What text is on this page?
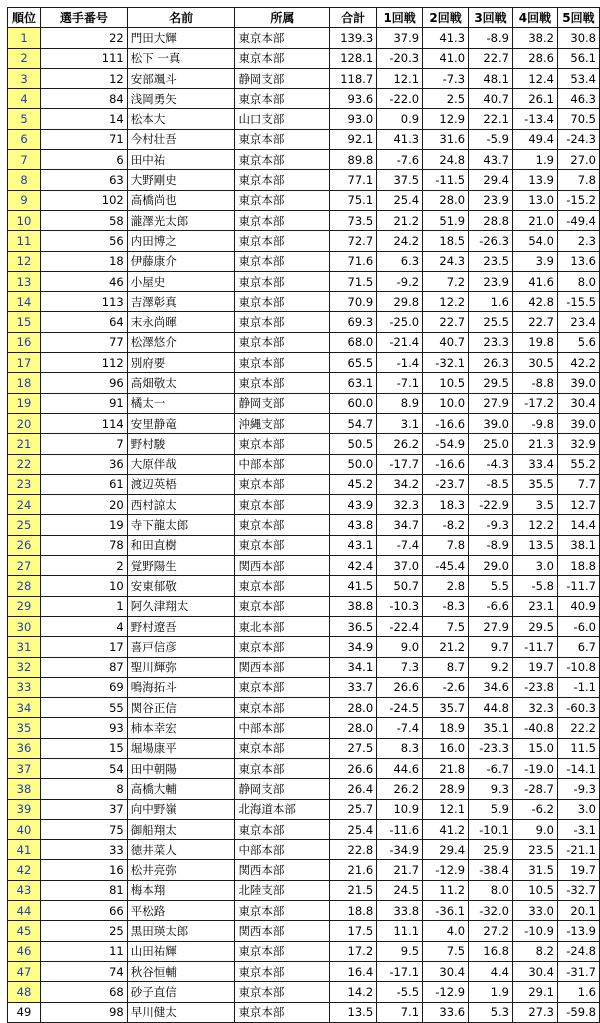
順位	選手番号	名前	所属	合計	1回戦	2回戦	3回戦	4回戦	5回戦
1	22	門田大輝	東京本部	139.3	37.9	41.3	-8.9	38.2	30.8
2	111	松下 一真	東京本部	128.1	-20.3	41.0	22.7	28.6	56.1
3	12	安部颯斗	静岡支部	118.7	12.1	-7.3	48.1	12.4	53.4
4	84	浅岡勇矢	東京本部	93.6	-22.0	2.5	40.7	26.1	46.3
5	14	松本大	山口支部	93.0	0.9	12.9	22.1	-13.4	70.5
6	71	今村壮吾	東京本部	92.1	41.3	31.6	-5.9	49.4	-24.3
7	6	田中祐	東京本部	89.8	-7.6	24.8	43.7	1.9	27.0
8	63	大野剛史	東京本部	77.1	37.5	-11.5	29.4	13.9	7.8
9	102	高橋尚也	東京本部	75.1	25.4	28.0	23.9	13.0	-15.2
10	58	瀧澤光太郎	東京本部	73.5	21.2	51.9	28.8	21.0	-49.4
11	56	内田博之	東京本部	72.7	24.2	18.5	-26.3	54.0	2.3
12	18	伊藤康介	東京本部	71.6	6.3	24.3	23.5	3.9	13.6
13	46	小屋史	東京本部	71.5	-9.2	7.2	23.9	41.6	8.0
14	113	吉澤彰真	東京本部	70.9	29.8	12.2	1.6	42.8	-15.5
15	64	末永尚暉	東京本部	69.3	-25.0	22.7	25.5	22.7	23.4
16	77	松澤悠介	東京本部	68.0	-21.4	40.7	23.3	19.8	5.6
17	112	別府要	東京本部	65.5	-1.4	-32.1	26.3	30.5	42.2
18	96	高畑敬太	東京本部	63.1	-7.1	10.5	29.5	-8.8	39.0
19	91	橘太一	静岡支部	60.0	8.9	10.0	27.9	-17.2	30.4
20	114	安里静竜	沖縄支部	54.7	3.1	-16.6	39.0	-9.8	39.0
21	7	野村駿	東京本部	50.5	26.2	-54.9	25.0	21.3	32.9
22	36	大原伴哉	中部本部	50.0	-17.7	-16.6	-4.3	33.4	55.2
23	61	渡辺英梧	東京本部	45.2	34.2	-23.7	-8.5	35.5	7.7
24	20	西村諒太	東京本部	43.9	32.3	18.3	-22.9	3.5	12.7
25	19	寺下龍太郎	東京本部	43.8	34.7	-8.2	-9.3	12.2	14.4
26	78	和田直樹	東京本部	43.1	-7.4	7.8	-8.9	13.5	38.1
27	2	覚野陽生	関西本部	42.4	37.0	-45.4	29.0	3.0	18.8
28	10	安東郁敬	東京本部	41.5	50.7	2.8	5.5	-5.8	-11.7
29	1	阿久津翔太	東京本部	38.8	-10.3	-8.3	-6.6	23.1	40.9
30	4	野村遼吾	東北本部	36.5	-22.4	7.5	27.9	29.5	-6.0
31	17	喜戸信彦	東京本部	34.9	9.0	21.2	9.7	-11.7	6.7
32	87	聖川輝弥	関西本部	34.1	7.3	8.7	9.2	19.7	-10.8
33	69	鳴海拓斗	東京本部	33.7	26.6	-2.6	34.6	-23.8	-1.1
34	55	関谷正信	東京本部	28.0	-24.5	35.7	44.8	32.3	-60.3
35	93	柿本幸宏	中部本部	28.0	-7.4	18.9	35.1	-40.8	22.2
36	15	堀場康平	東京本部	27.5	8.3	16.0	-23.3	15.0	11.5
37	54	田中朝陽	東京本部	26.6	44.6	21.8	-6.7	-19.0	-14.1
38	8	高橋大輔	静岡支部	26.4	26.2	28.9	9.3	-28.7	-9.3
39	37	向中野嶺	北海道本部	25.7	10.9	12.1	5.9	-6.2	3.0
40	75	御船翔太	東京本部	25.4	-11.6	41.2	-10.1	9.0	-3.1
41	33	徳井菜人	中部本部	22.8	-34.9	29.4	25.9	23.5	-21.1
42	16	松井亮弥	関西本部	21.6	21.7	-12.9	-38.4	31.5	19.7
43	81	梅本翔	北陸支部	21.5	24.5	11.2	8.0	10.5	-32.7
44	66	平松路	東京本部	18.8	33.8	-36.1	-32.0	33.0	20.1
45	25	黒田瑛太郎	関西本部	17.5	11.1	4.0	27.2	-10.9	-13.9
46	11	山田祐輝	東京本部	17.2	9.5	7.5	16.8	8.2	-24.8
47	74	秋谷恒輔	東京本部	16.4	-17.1	30.4	4.4	30.4	-31.7
48	68	砂子直信	東京本部	14.2	-5.5	-12.9	1.9	29.1	1.6
49	98	早川健太	東京本部	13.5	7.1	33.6	5.3	27.3	-59.8
